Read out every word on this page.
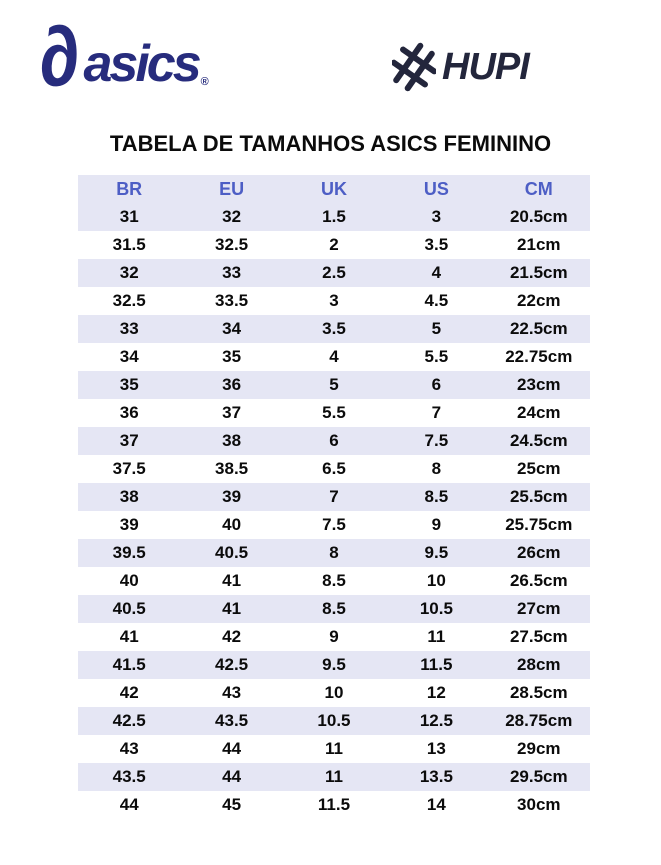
∂ asics ®	HUPI
TABELA DE TAMANHOS ASICS FEMININO
BR	EU	UK	US	CM
31	32	1.5	3	20.5cm
31.5	32.5	2	3.5	21cm
32	33	2.5	4	21.5cm
32.5	33.5	3	4.5	22cm
33	34	3.5	5	22.5cm
34	35	4	5.5	22.75cm
35	36	5	6	23cm
36	37	5.5	7	24cm
37	38	6	7.5	24.5cm
37.5	38.5	6.5	8	25cm
38	39	7	8.5	25.5cm
39	40	7.5	9	25.75cm
39.5	40.5	8	9.5	26cm
40	41	8.5	10	26.5cm
40.5	41	8.5	10.5	27cm
41	42	9	11	27.5cm
41.5	42.5	9.5	11.5	28cm
42	43	10	12	28.5cm
42.5	43.5	10.5	12.5	28.75cm
43	44	11	13	29cm
43.5	44	11	13.5	29.5cm
44	45	11.5	14	30cm
